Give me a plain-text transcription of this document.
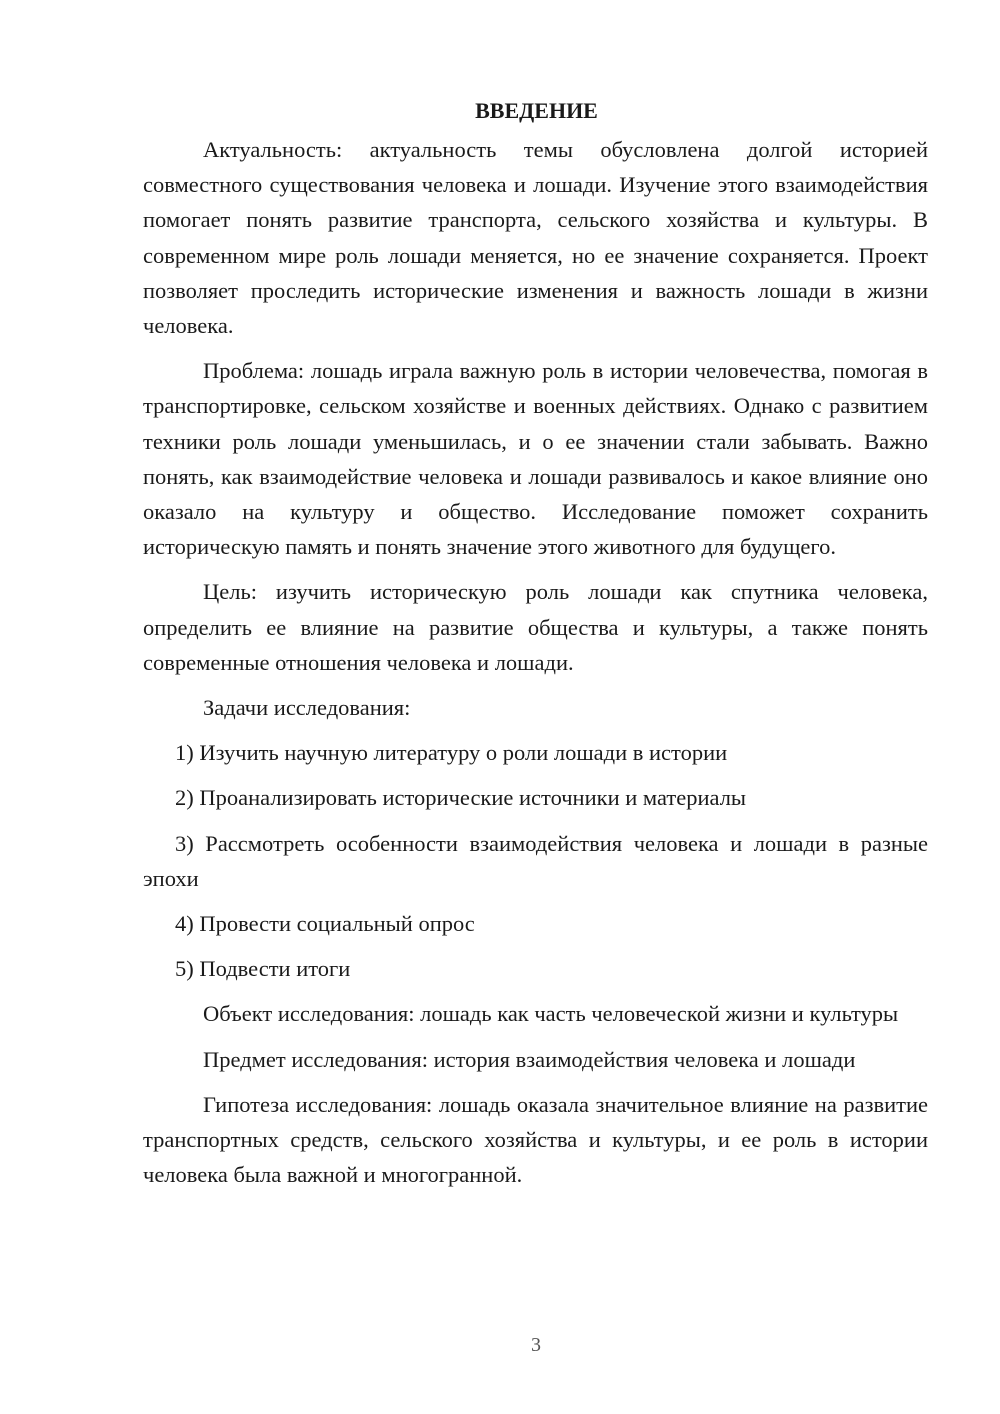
ВВЕДЕНИЕ

Актуальность: актуальность темы обусловлена долгой историей совместного существования человека и лошади. Изучение этого взаимодействия помогает понять развитие транспорта, сельского хозяйства и культуры. В современном мире роль лошади меняется, но ее значение сохраняется. Проект позволяет проследить исторические изменения и важность лошади в жизни человека.

Проблема: лошадь играла важную роль в истории человечества, помогая в транспортировке, сельском хозяйстве и военных действиях. Однако с развитием техники роль лошади уменьшилась, и о ее значении стали забывать. Важно понять, как взаимодействие человека и лошади развивалось и какое влияние оно оказало на культуру и общество. Исследование поможет сохранить историческую память и понять значение этого животного для будущего.

Цель: изучить историческую роль лошади как спутника человека, определить ее влияние на развитие общества и культуры, а также понять современные отношения человека и лошади.

Задачи исследования:

1) Изучить научную литературу о роли лошади в истории

2) Проанализировать исторические источники и материалы

3) Рассмотреть особенности взаимодействия человека и лошади в разные эпохи

4) Провести социальный опрос

5) Подвести итоги

Объект исследования: лошадь как часть человеческой жизни и культуры

Предмет исследования: история взаимодействия человека и лошади

Гипотеза исследования: лошадь оказала значительное влияние на развитие транспортных средств, сельского хозяйства и культуры, и ее роль в истории человека была важной и многогранной.

3
